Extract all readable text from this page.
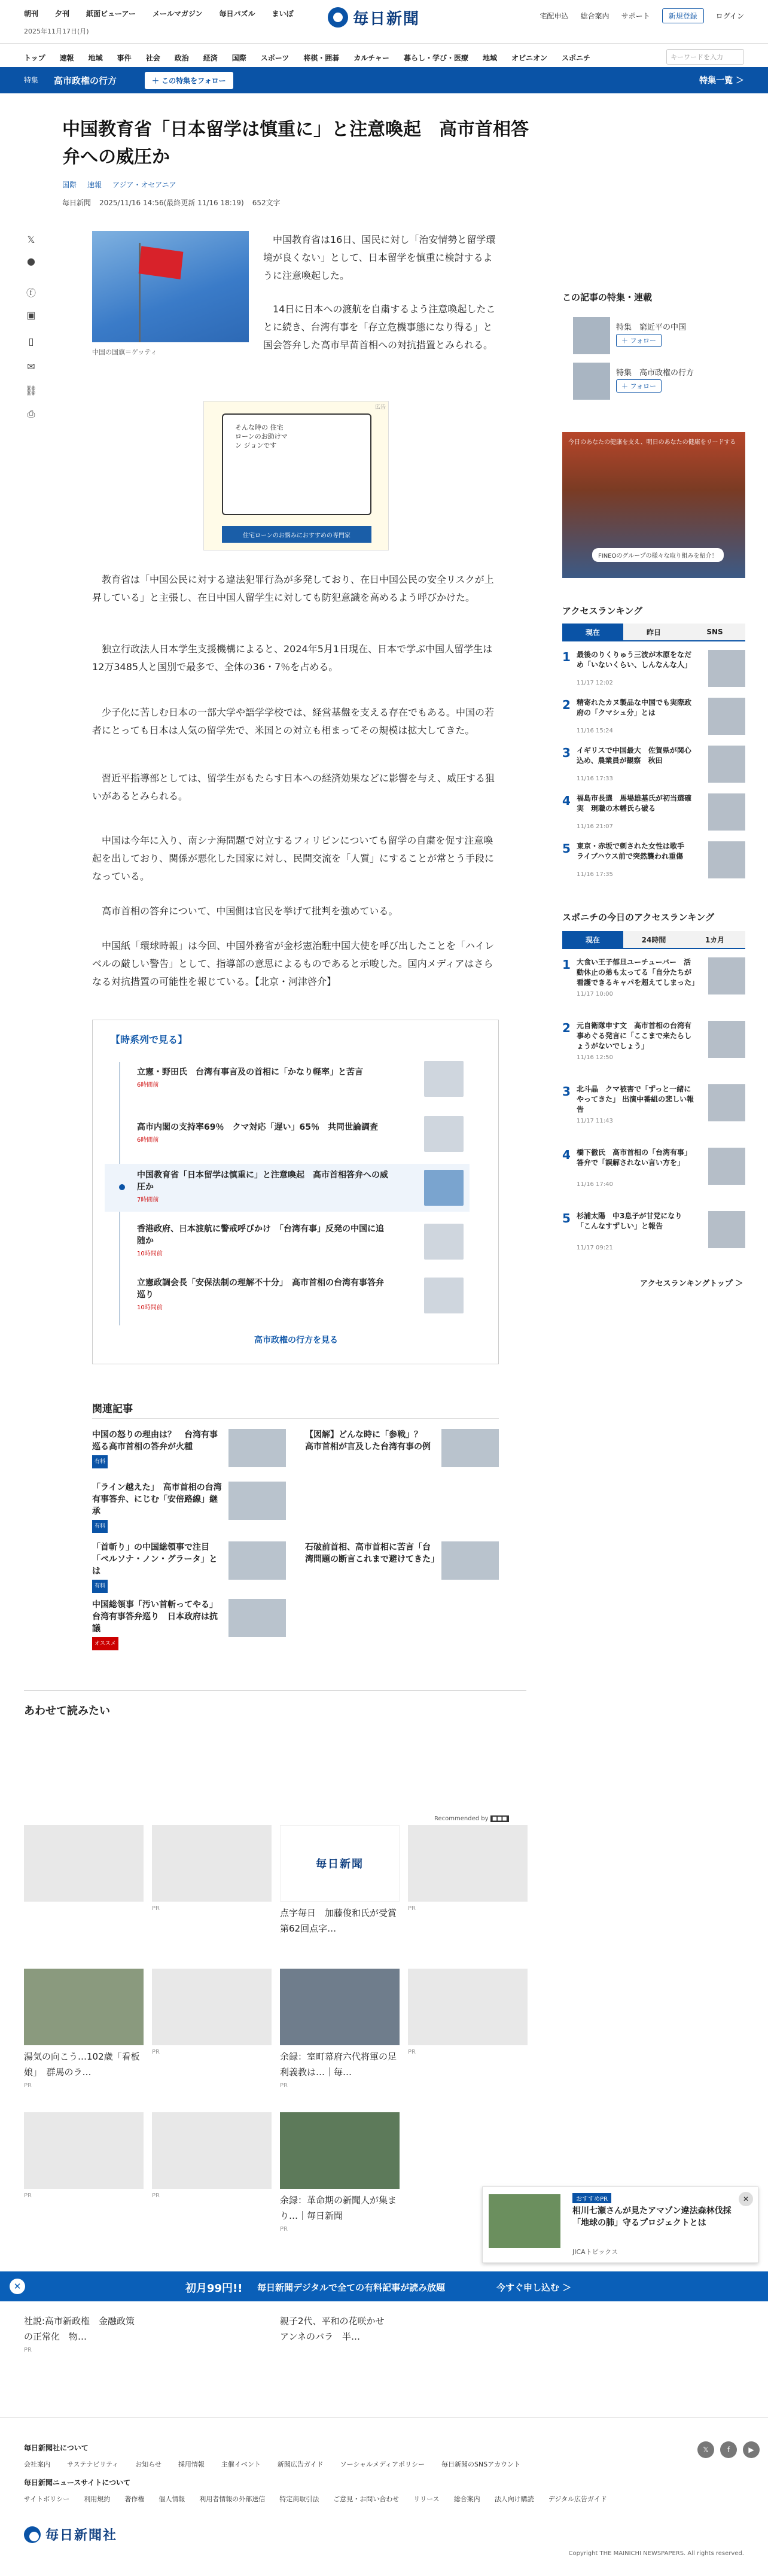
朝刊 夕刊 紙面ビューアー メールマガジン 毎日パズル まいぽ
2025年11月17日(月)
毎日新聞	宅配申込 総合案内 サポート	新規登録	ログイン
トップ 速報 地域 事件 社会 政治 経済 国際 スポーツ 将棋・囲碁 カルチャー 暮らし・学び・医療 地域 オピニオン スポニチ	キーワードを入力
特集 高市政権の行方	＋ この特集をフォロー	特集一覧 ＞
中国教育省「日本留学は慎重に」と注意喚起　高市首相答弁への威圧か
国際 速報 アジア・オセアニア
毎日新聞 2025/11/16 14:56(最終更新 11/16 18:19) 652文字
𝕏
●
ⓕ
▣
▯
✉
⛓
⎙
中国の国旗＝ゲッティ

中国教育省は16日、国民に対し「治安情勢と留学環境が良くない」として、日本留学を慎重に検討するように注意喚起した。

14日に日本への渡航を自粛するよう注意喚起したことに続き、台湾有事を「存立危機事態になり得る」と国会答弁した高市早苗首相への対抗措置とみられる。

そんな時の 住宅ローンのお助けマン ジョンです
広告
住宅ローンのお悩みにおすすめの専門家

教育省は「中国公民に対する違法犯罪行為が多発しており、在日中国公民の安全リスクが上昇している」と主張し、在日中国人留学生に対しても防犯意識を高めるよう呼びかけた。

独立行政法人日本学生支援機構によると、2024年5月1日現在、日本で学ぶ中国人留学生は12万3485人と国別で最多で、全体の36・7％を占める。

少子化に苦しむ日本の一部大学や語学学校では、経営基盤を支える存在でもある。中国の若者にとっても日本は人気の留学先で、米国との対立も相まってその規模は拡大してきた。

習近平指導部としては、留学生がもたらす日本への経済効果などに影響を与え、威圧する狙いがあるとみられる。

中国は今年に入り、南シナ海問題で対立するフィリピンについても留学の自粛を促す注意喚起を出しており、関係が悪化した国家に対し、民間交流を「人質」にすることが常とう手段になっている。

高市首相の答弁について、中国側は官民を挙げて批判を強めている。

中国紙「環球時報」は今回、中国外務省が金杉憲治駐中国大使を呼び出したことを「ハイレベルの厳しい警告」として、指導部の意思によるものであると示唆した。国内メディアはさらなる対抗措置の可能性を報じている。【北京・河津啓介】

【時系列で見る】
立憲・野田氏　台湾有事言及の首相に「かなり軽率」と苦言
6時間前
高市内閣の支持率69％　クマ対応「遅い」65％　共同世論調査
6時間前
中国教育省「日本留学は慎重に」と注意喚起　高市首相答弁への威圧か
7時間前
香港政府、日本渡航に警戒呼びかけ　「台湾有事」反発の中国に追随か
10時間前
立憲政調会長「安保法制の理解不十分」　高市首相の台湾有事答弁巡り
10時間前
高市政権の行方を見る
関連記事
中国の怒りの理由は？　台湾有事巡る高市首相の答弁が火種
有料
【図解】どんな時に「参戦」？　高市首相が言及した台湾有事の例
「ライン越えた」　高市首相の台湾有事答弁、にじむ「安倍路線」継承
有料
「首斬り」の中国総領事で注目「ペルソナ・ノン・グラータ」とは
有料
石破前首相、高市首相に苦言「台湾問題の断言これまで避けてきた」
中国総領事「汚い首斬ってやる」台湾有事答弁巡り　日本政府は抗議
オススメ
あわせて読みたい
Recommended by ◼◼◼
PR
毎日新聞
点字毎日　加藤俊和氏が受賞　第62回点字…
PR
湯気の向こう…102歳「看板娘」　群馬のラ…
PR
PR	余録：室町幕府六代将軍の足利義教は…｜毎…
PR
PR
PR	PR	余録：革命期の新聞人が集まり…｜毎日新聞
PR
社説:高市新政権　金融政策の正常化　物…
PR
親子2代、平和の花咲かせ　アンネのバラ　半…
この記事の特集・連載
特集　窮近平の中国
＋ フォロー
特集　高市政権の行方
＋ フォロー
今日のあなたの健康を支え、明日のあなたの健康をリードする
FINEOのグループの様々な取り組みを紹介！
アクセスランキング
現在	昨日	SNS
1 最後のりくりゅう三波が木原をなだ め「いないくらい、しんなんな人」
11/17 12:02
2 精寄れたカヌ製品な中国でも実際政府の「クマシュ分」とは
11/16 15:24
3 イギリスで中国最大　佐賀県が関心込め、農業員が観察　秋田
11/16 17:33
4 福島市長選　馬場雄基氏が初当選確実　現職の木幡氏ら破る
11/16 21:07
5 東京・赤坂で刺された女性は歌手　ライブハウス前で突然襲われ重傷
11/16 17:35
スポニチの今日のアクセスランキング
現在	24時間	1カ月
1 大食い王子郁旦ユーチューバー　活動休止の弟も太ってる「自分たちが看護できるキャパを超えてしまった」
11/17 10:00
2 元自衛隊申す文　高市首相の台湾有事めぐる発言に「ここまで来たらしょうがないでしょう」
11/16 12:50
3 北斗晶　クマ被害で「ずっと一緒にやってきた」 出演中番組の悲しい報告
11/17 11:43
4 橋下徹氏　高市首相の「台湾有事」答弁で「誤解されない言い方を」
11/16 17:40
5 杉浦太陽　中3息子が甘党になり「こんなすずしい」と報告
11/17 09:21
アクセスランキングトップ ＞
おすすめPR
相川七瀬さんが見たアマゾン違法森林伐採「地球の肺」守るプロジェクトとは
JICAトピックス
✕
✕	初月99円!! 毎日新聞デジタルで全ての有料記事が読み放題	今すぐ申し込む ＞
毎日新聞社について
会社案内	サステナビリティ	お知らせ	採用情報	主催イベント	新聞広告ガイド	ソーシャルメディアポリシー	毎日新聞のSNSアカウント
𝕏	f	▶
毎日新聞ニュースサイトについて
サイトポリシー 利用規約 著作権 個人情報 利用者情報の外部送信 特定商取引法 ご意見・お問い合わせ リリース 総合案内 法人向け購読 デジタル広告ガイド
毎日新聞社
Copyright THE MAINICHI NEWSPAPERS. All rights reserved.
